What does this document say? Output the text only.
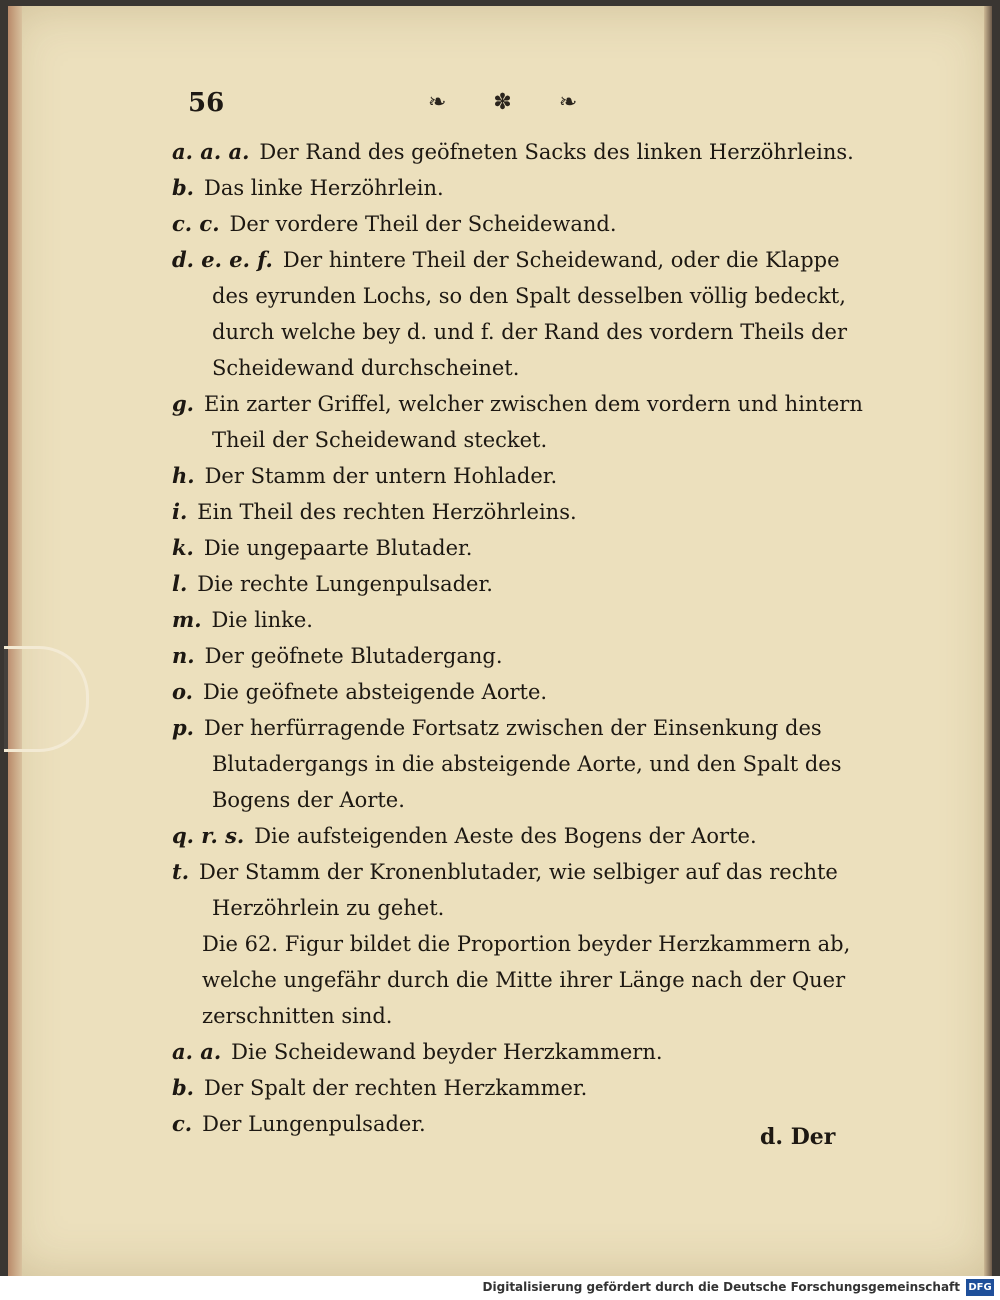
56	❧ ✽ ❧
a. a. a. Der Rand des geöfneten Sacks des linken Herzöhrleins.
b. Das linke Herzöhrlein.
c. c. Der vordere Theil der Scheidewand.
d. e. e. f. Der hintere Theil der Scheidewand, oder die Klappe des eyrunden Lochs, so den Spalt desselben völlig bedeckt, durch welche bey d. und f. der Rand des vordern Theils der Scheidewand durchscheinet.
g. Ein zarter Griffel, welcher zwischen dem vordern und hintern Theil der Scheidewand stecket.
h. Der Stamm der untern Hohlader.
i. Ein Theil des rechten Herzöhrleins.
k. Die ungepaarte Blutader.
l. Die rechte Lungenpulsader.
m. Die linke.
n. Der geöfnete Blutadergang.
o. Die geöfnete absteigende Aorte.
p. Der herfürragende Fortsatz zwischen der Einsenkung des Blutadergangs in die absteigende Aorte, und den Spalt des Bogens der Aorte.
q. r. s. Die aufsteigenden Aeste des Bogens der Aorte.
t. Der Stamm der Kronenblutader, wie selbiger auf das rechte Herzöhrlein zu gehet.
Die 62. Figur bildet die Proportion beyder Herzkammern ab, welche ungefähr durch die Mitte ihrer Länge nach der Quer zerschnitten sind.
a. a. Die Scheidewand beyder Herzkammern.
b. Der Spalt der rechten Herzkammer.
c. Der Lungenpulsader.	d. Der
Digitalisierung gefördert durch die Deutsche Forschungsgemeinschaft DFG
